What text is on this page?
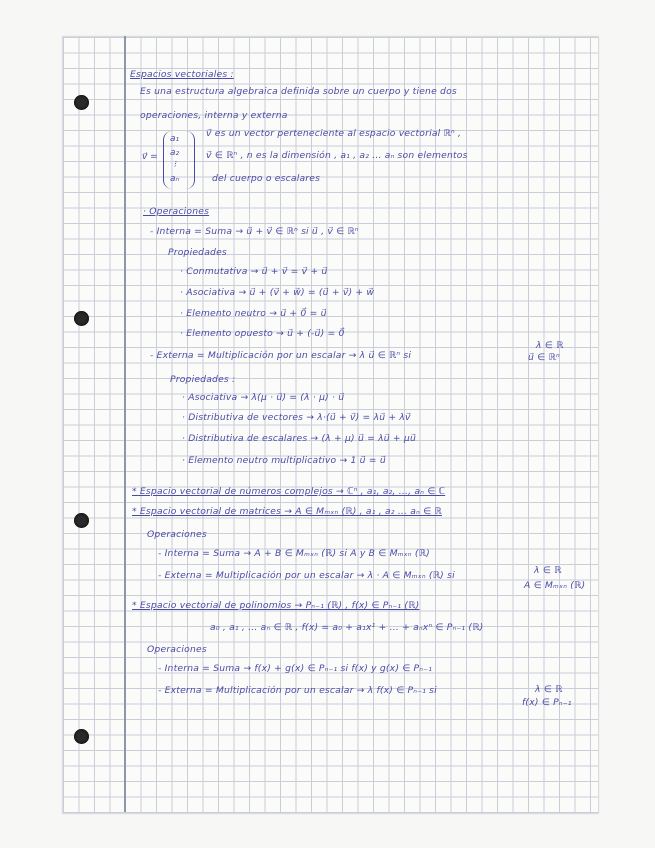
Espacios vectoriales :
Es una estructura algebraica definida sobre un cuerpo y tiene dos
operaciones, interna y externa
v⃗ es un vector perteneciente al espacio vectorial ℝⁿ ,
v⃗ ∈ ℝⁿ , n es la dimensión , a₁ , a₂ ... aₙ son elementos
del cuerpo o escalares
· Operaciones
- Interna = Suma → u⃗ + v⃗ ∈ ℝⁿ si u⃗ , v⃗ ∈ ℝⁿ
Propiedades
· Conmutativa → u⃗ + v⃗ = v⃗ + u⃗
· Asociativa → u⃗ + (v⃗ + w⃗) = (u⃗ + v⃗) + w⃗
· Elemento neutro → u⃗ + 0⃗ = u⃗
· Elemento opuesto → u⃗ + (-u⃗) = 0⃗
- Externa = Multiplicación por un escalar → λ u⃗ ∈ ℝⁿ si
λ ∈ ℝ
u⃗ ∈ ℝⁿ
Propiedades :
· Asociativa → λ(μ · u⃗) = (λ · μ) · u⃗
· Distributiva de vectores → λ·(u⃗ + v⃗) = λu⃗ + λv⃗
· Distributiva de escalares → (λ + μ) u⃗ = λu⃗ + μu⃗
· Elemento neutro multiplicativo → 1 u⃗ = u⃗
* Espacio vectorial de números complejos → ℂⁿ , a₁, a₂, ..., aₙ ∈ ℂ
* Espacio vectorial de matrices → A ∈ Mₘₓₙ (ℝ) , a₁ , a₂ ... aₙ ∈ ℝ
Operaciones
- Interna = Suma → A + B ∈ Mₘₓₙ (ℝ) si A y B ∈ Mₘₓₙ (ℝ)
- Externa = Multiplicación por un escalar → λ · A ∈ Mₘₓₙ (ℝ) si	λ ∈ ℝ
A ∈ Mₘₓₙ (ℝ)
* Espacio vectorial de polinomios → Pₙ₋₁ (ℝ) , f(x) ∈ Pₙ₋₁ (ℝ)
a₀ , a₁ , ... aₙ ∈ ℝ , f(x) = a₀ + a₁x¹ + ... + aₙxⁿ ∈ Pₙ₋₁ (ℝ)
Operaciones
- Interna = Suma → f(x) + g(x) ∈ Pₙ₋₁ si f(x) y g(x) ∈ Pₙ₋₁
- Externa = Multiplicación por un escalar → λ f(x) ∈ Pₙ₋₁ si	λ ∈ ℝ
f(x) ∈ Pₙ₋₁
v⃗ =
a₁
a₂
⁝
aₙ
